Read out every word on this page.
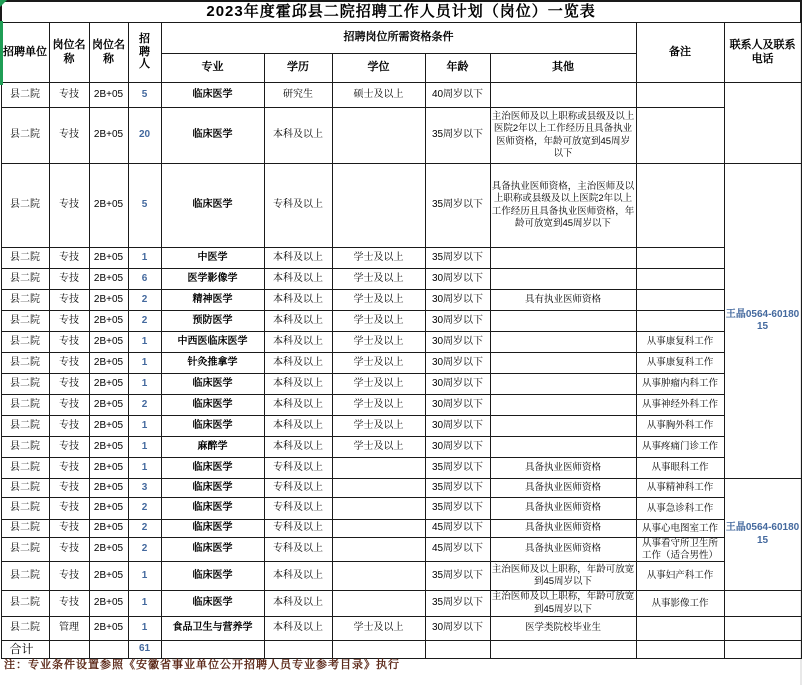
2023年度霍邱县二院招聘工作人员计划（岗位）一览表										
招聘单位	岗位名称	岗位名称	招聘人	招聘岗位所需资格条件					备注	联系人及联系电话
				专业	学历	学位	年龄	其他		
县二院	专技	2B+05	5	临床医学	研究生	硕士及以上	40周岁以下			
县二院	专技	2B+05	20	临床医学	本科及以上		35周岁以下	主治医师及以上职称或县级及以上医院2年以上工作经历且具备执业医师资格，年龄可放宽到45周岁以下		
县二院	专技	2B+05	5	临床医学	专科及以上		35周岁以下	具备执业医师资格，主治医师及以上职称或县级及以上医院2年以上工作经历且具备执业医师资格，年龄可放宽到45周岁以下		王晶0564-6018015
县二院	专技	2B+05	1	中医学	本科及以上	学士及以上	35周岁以下			
县二院	专技	2B+05	6	医学影像学	本科及以上	学士及以上	30周岁以下			
县二院	专技	2B+05	2	精神医学	本科及以上	学士及以上	30周岁以下	具有执业医师资格		
县二院	专技	2B+05	2	预防医学	本科及以上	学士及以上	30周岁以下			
县二院	专技	2B+05	1	中西医临床医学	本科及以上	学士及以上	30周岁以下		从事康复科工作	
县二院	专技	2B+05	1	针灸推拿学	本科及以上	学士及以上	30周岁以下		从事康复科工作	
县二院	专技	2B+05	1	临床医学	本科及以上	学士及以上	30周岁以下		从事肿瘤内科工作	
县二院	专技	2B+05	2	临床医学	本科及以上	学士及以上	30周岁以下		从事神经外科工作	
县二院	专技	2B+05	1	临床医学	本科及以上	学士及以上	30周岁以下		从事胸外科工作	
县二院	专技	2B+05	1	麻醉学	本科及以上	学士及以上	30周岁以下		从事疼痛门诊工作	
县二院	专技	2B+05	1	临床医学	专科及以上		35周岁以下	具备执业医师资格	从事眼科工作	
县二院	专技	2B+05	3	临床医学	专科及以上		35周岁以下	具备执业医师资格	从事精神科工作	王晶0564-6018015
县二院	专技	2B+05	2	临床医学	专科及以上		35周岁以下	具备执业医师资格	从事急诊科工作	
县二院	专技	2B+05	2	临床医学	专科及以上		45周岁以下	具备执业医师资格	从事心电图室工作	
县二院	专技	2B+05	2	临床医学	专科及以上		45周岁以下	具备执业医师资格	从事看守所卫生所工作（适合男性）	
县二院	专技	2B+05	1	临床医学	本科及以上		35周岁以下	主治医师及以上职称，年龄可放宽到45周岁以下	从事妇产科工作	
县二院	专技	2B+05	1	临床医学	本科及以上		35周岁以下	主治医师及以上职称，年龄可放宽到45周岁以下	从事影像工作	
县二院	管理	2B+05	1	食品卫生与营养学	本科及以上	学士及以上	30周岁以下	医学类院校毕业生		
合计			61							
注：专业条件设置参照《安徽省事业单位公开招聘人员专业参考目录》执行
